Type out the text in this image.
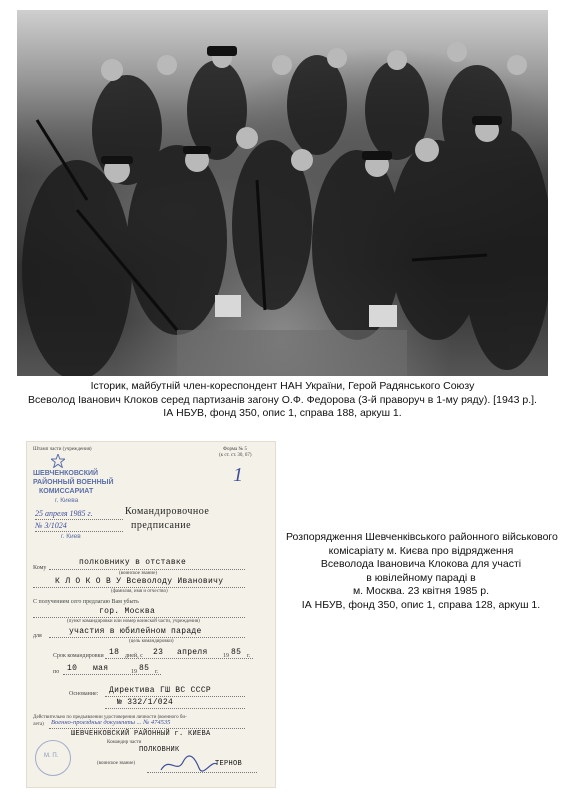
Історик, майбутній член-кореспондент НАН України, Герой Радянського Союзу
Всеволод Іванович Клоков серед партизанів загону О.Ф. Федорова (3-й праворуч в 1-му ряду). [1943 р.].
ІА НБУВ, фонд 350, опис 1, справа 188, аркуш 1.
Штамп части (учреждения)	Форма № 5
(к ст. ст. 30, 67)
1
ШЕВЧЕНКОВСКИЙ
РАЙОННЫЙ ВОЕННЫЙ
КОМИССАРИАТ
г. Киева
25 апреля 1985 г.
№ 3/1024
г. Киев
Командировочное
предписание
Кому
полковнику в отставке
(воинское звание)
К Л О К О В У Всеволоду Ивановичу
(фамилия, имя и отчество)
С получением сего предлагаю Вам убыть
гор. Москва
(пункт командировки или номер воинской части, учреждения)
для	участия в юбилейном параде
(цель командировки)
Срок командировки 18 дней, с 23 апреля	19 85 г.
по 10 мая	19 85 г.
Основание: Директива ГШ ВС СССР
№ 332/1/024
Действительно по предъявлении удостоверения личности (военного би-
лета) Военно-проездные документы ... № 474535
ШЕВЧЕНКОВСКИЙ РАЙОННЫЙ г. КИЕВА
Командир части
ПОЛКОВНИК
М. П.
(воинское звание)	ТЕРНОВ
Розпорядження Шевченківського районного військового
комісаріату м. Києва про відрядження
Всеволода Івановича Клокова для участі
в ювілейному параді в
м. Москва. 23 квітня 1985 р.
ІА НБУВ, фонд 350, опис 1, справа 128, аркуш 1.
